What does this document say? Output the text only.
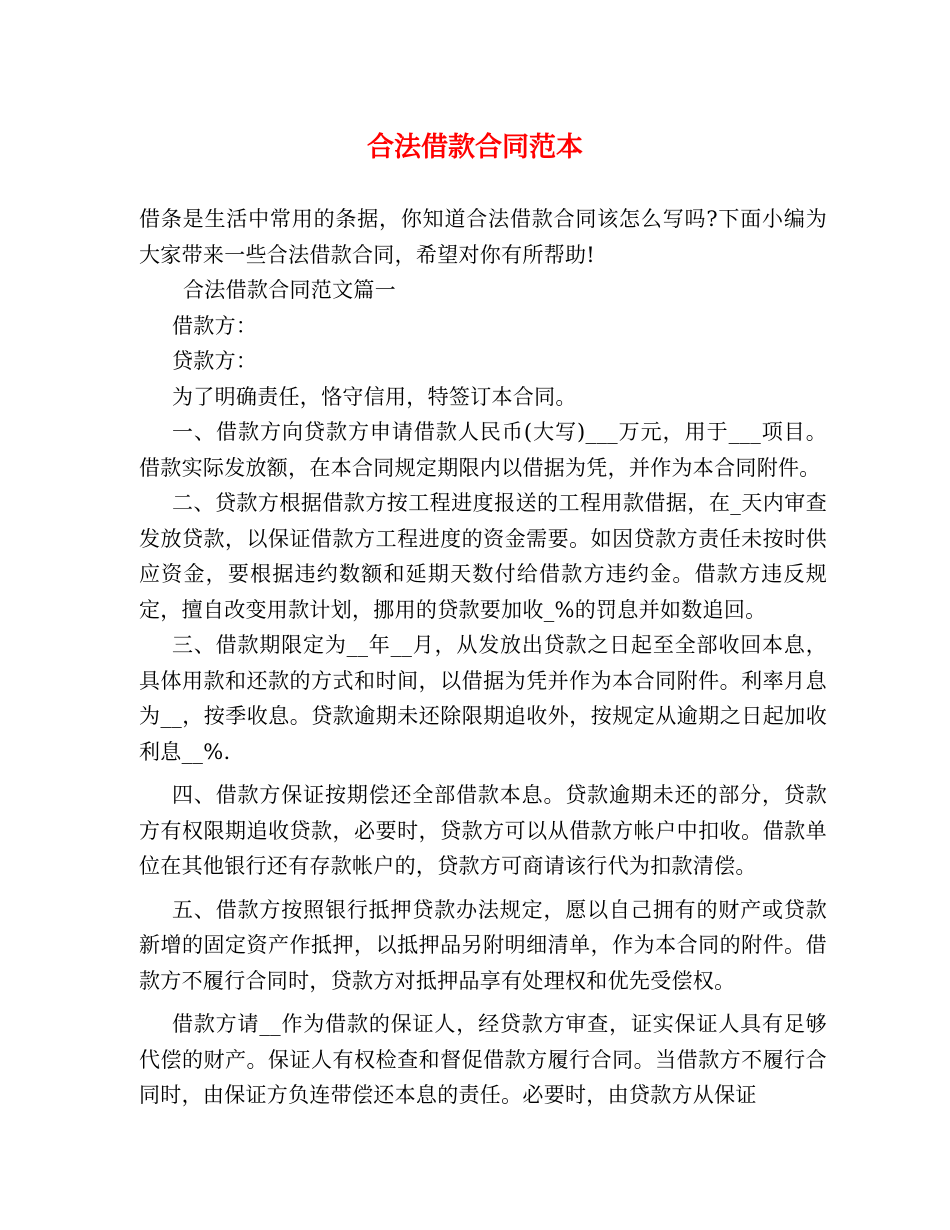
合法借款合同范本

借条是生活中常用的条据，你知道合法借款合同该怎么写吗?下面小编为大家带来一些合法借款合同，希望对你有所帮助!

合法借款合同范文篇一

借款方：

贷款方：

为了明确责任，恪守信用，特签订本合同。

一、借款方向贷款方申请借款人民币(大写)___万元，用于___项目。借款实际发放额，在本合同规定期限内以借据为凭，并作为本合同附件。

二、贷款方根据借款方按工程进度报送的工程用款借据，在_天内审查发放贷款，以保证借款方工程进度的资金需要。如因贷款方责任未按时供应资金，要根据违约数额和延期天数付给借款方违约金。借款方违反规定，擅自改变用款计划，挪用的贷款要加收_%的罚息并如数追回。

三、借款期限定为__年__月，从发放出贷款之日起至全部收回本息，具体用款和还款的方式和时间，以借据为凭并作为本合同附件。利率月息为__，按季收息。贷款逾期未还除限期追收外，按规定从逾期之日起加收利息__%.

四、借款方保证按期偿还全部借款本息。贷款逾期未还的部分，贷款方有权限期追收贷款，必要时，贷款方可以从借款方帐户中扣收。借款单位在其他银行还有存款帐户的，贷款方可商请该行代为扣款清偿。

五、借款方按照银行抵押贷款办法规定，愿以自己拥有的财产或贷款新增的固定资产作抵押，以抵押品另附明细清单，作为本合同的附件。借款方不履行合同时，贷款方对抵押品享有处理权和优先受偿权。

借款方请__作为借款的保证人，经贷款方审查，证实保证人具有足够代偿的财产。保证人有权检查和督促借款方履行合同。当借款方不履行合同时，由保证方负连带偿还本息的责任。必要时，由贷款方从保证
